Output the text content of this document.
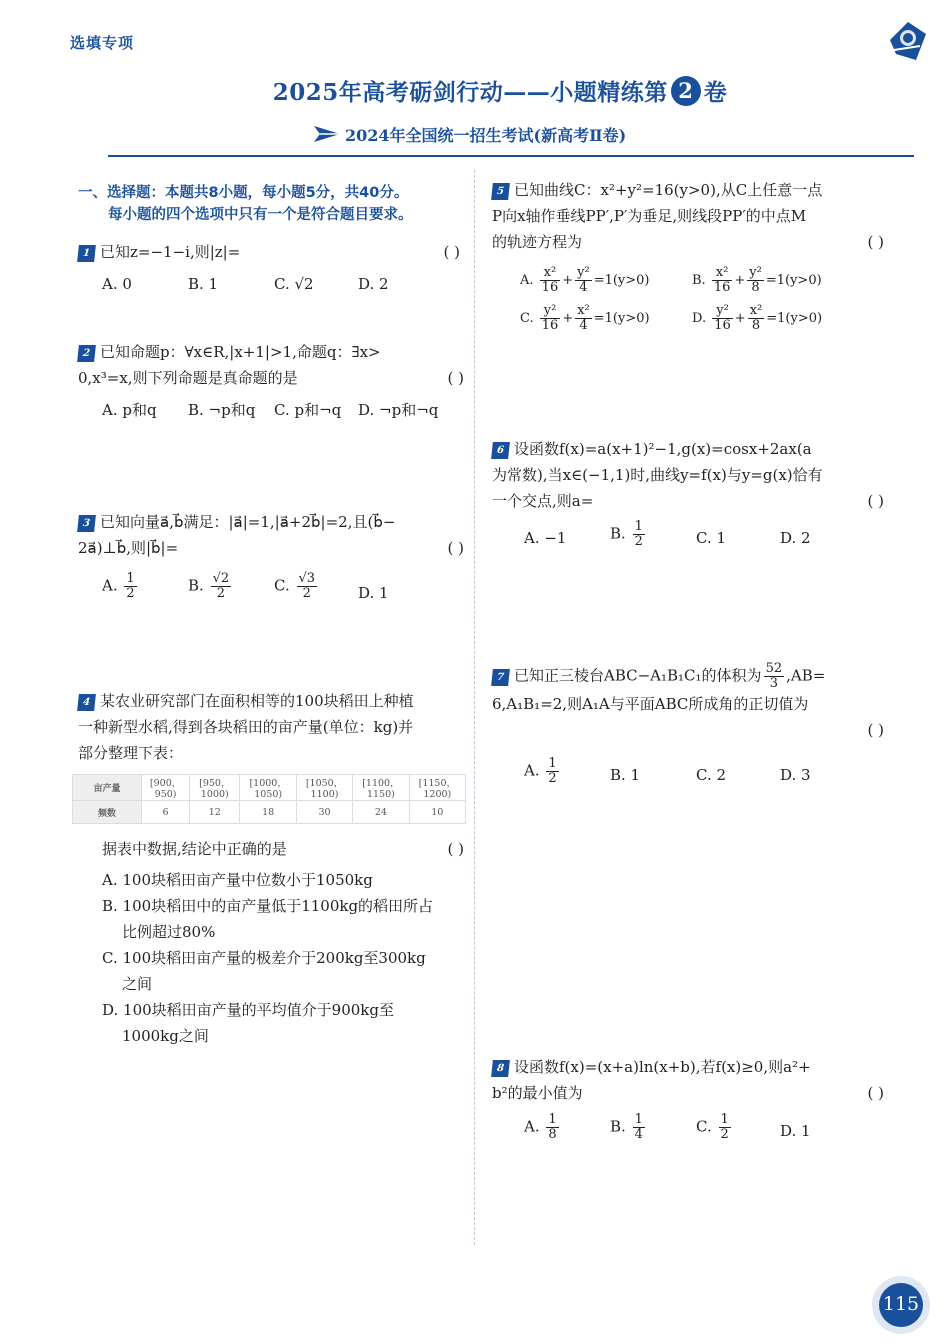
选填专项
2025年高考砺剑行动——小题精练第 2 卷
2024年全国统一招生考试(新高考Ⅱ卷)
一、选择题：本题共8小题，每小题5分，共40分。
每小题的四个选项中只有一个是符合题目要求。
1 已知z=−1−i,则|z|=	( )
A. 0	B. 1	C. √2	D. 2
2 已知命题p：∀x∈R,|x+1|>1,命题q：∃x>
0,x³=x,则下列命题是真命题的是	( )
A. p和q B. ¬p和q C. p和¬q D. ¬p和¬q
3 已知向量a⃗,b⃗满足：|a⃗|=1,|a⃗+2b⃗|=2,且(b⃗−
2a⃗)⊥b⃗,则|b⃗|=	( )
A. $\frac{1}{2}$	B. $\frac{√2}{2}$	C. $\frac{√3}{2}$	D. 1
4 某农业研究部门在面积相等的100块稻田上种植
一种新型水稻,得到各块稻田的亩产量(单位：kg)并
部分整理下表：
亩产量	[900，950)	[950，1000)	[1000，1050)	[1050，1100)	[1100，1150)	[1150，1200)
频数	6	12	18	30	24	10
据表中数据,结论中正确的是	( )
A. 100块稻田亩产量中位数小于1050kg
B. 100块稻田中的亩产量低于1100kg的稻田所占
比例超过80%
C. 100块稻田亩产量的极差介于200kg至300kg
之间
D. 100块稻田亩产量的平均值介于900kg至
1000kg之间
5 已知曲线C：x²+y²=16(y>0),从C上任意一点
P向x轴作垂线PP′,P′为垂足,则线段PP′的中点M
的轨迹方程为	( )
A. $\frac{\text{x²}}{16} + \frac{\text{y²}}{4} =1(y>0)$	B. $\frac{\text{x²}}{16} + \frac{\text{y²}}{8} =1(y>0)$
C. $\frac{\text{y²}}{16} + \frac{\text{x²}}{4} =1(y>0)$	D. $\frac{\text{y²}}{16} + \frac{\text{x²}}{8} =1(y>0)$
6 设函数f(x)=a(x+1)²−1,g(x)=cosx+2ax(a
为常数),当x∈(−1,1)时,曲线y=f(x)与y=g(x)恰有
一个交点,则a=	( )
A. −1	B. $\frac{1}{2}$	C. 1	D. 2
7 已知正三棱台ABC−A₁B₁C₁的体积为 $\frac{52}{3} ,AB=$
6,A₁B₁=2,则A₁A与平面ABC所成角的正切值为
( )
A. $\frac{1}{2}$	B. 1	C. 2	D. 3
8 设函数f(x)=(x+a)ln(x+b),若f(x)≥0,则a²+
b²的最小值为	( )
A. $\frac{1}{8}$	B. $\frac{1}{4}$	C. $\frac{1}{2}$	D. 1
115
